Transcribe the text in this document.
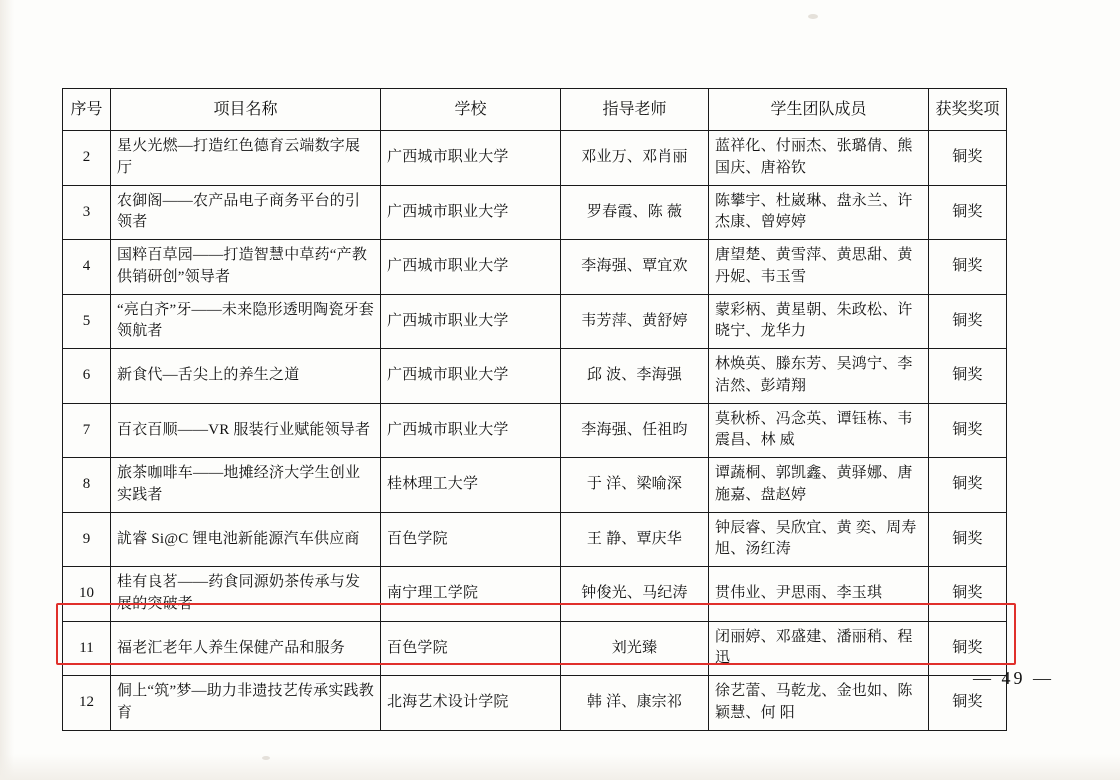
序号	项目名称	学校	指导老师	学生团队成员	获奖奖项
2	星火光燃—打造红色德育云端数字展厅	广西城市职业大学	邓业万、邓肖丽	蓝祥化、付丽杰、张璐倩、熊国庆、唐裕钦	铜奖
3	农御阁——农产品电子商务平台的引领者	广西城市职业大学	罗春霞、陈 薇	陈攀宇、杜崴琳、盘永兰、许杰康、曾婷婷	铜奖
4	国粹百草园——打造智慧中草药“产教供销研创”领导者	广西城市职业大学	李海强、覃宜欢	唐望楚、黄雪萍、黄思甜、黄丹妮、韦玉雪	铜奖
5	“亮白齐”牙——未来隐形透明陶瓷牙套领航者	广西城市职业大学	韦芳萍、黄舒婷	蒙彩柄、黄星朝、朱政松、许晓宁、龙华力	铜奖
6	新食代—舌尖上的养生之道	广西城市职业大学	邱 波、李海强	林焕英、滕东芳、吴鸿宁、李洁然、彭靖翔	铜奖
7	百衣百顺——VR 服装行业赋能领导者	广西城市职业大学	李海强、任祖昀	莫秋桥、冯念英、谭钰栋、韦震昌、林 威	铜奖
8	旅茶咖啡车——地摊经济大学生创业实践者	桂林理工大学	于 洋、梁喻深	谭蔬桐、郭凯鑫、黄驿娜、唐施嘉、盘赵婷	铜奖
9	訧睿 Si@C 锂电池新能源汽车供应商	百色学院	王 静、覃庆华	钟辰睿、吴欣宜、黄 奕、周寿旭、汤红涛	铜奖
10	桂有良茗——药食同源奶茶传承与发展的突破者	南宁理工学院	钟俊光、马纪涛	贯伟业、尹思雨、李玉琪	铜奖
11	福老汇老年人养生保健产品和服务	百色学院	刘光臻	闭丽婷、邓盛建、潘丽稍、程 迅	铜奖
12	侗上“筑”梦—助力非遗技艺传承实践教育	北海艺术设计学院	韩 洋、康宗祁	徐艺蕾、马乾龙、金也如、陈颖慧、何 阳	铜奖
— 49 —
